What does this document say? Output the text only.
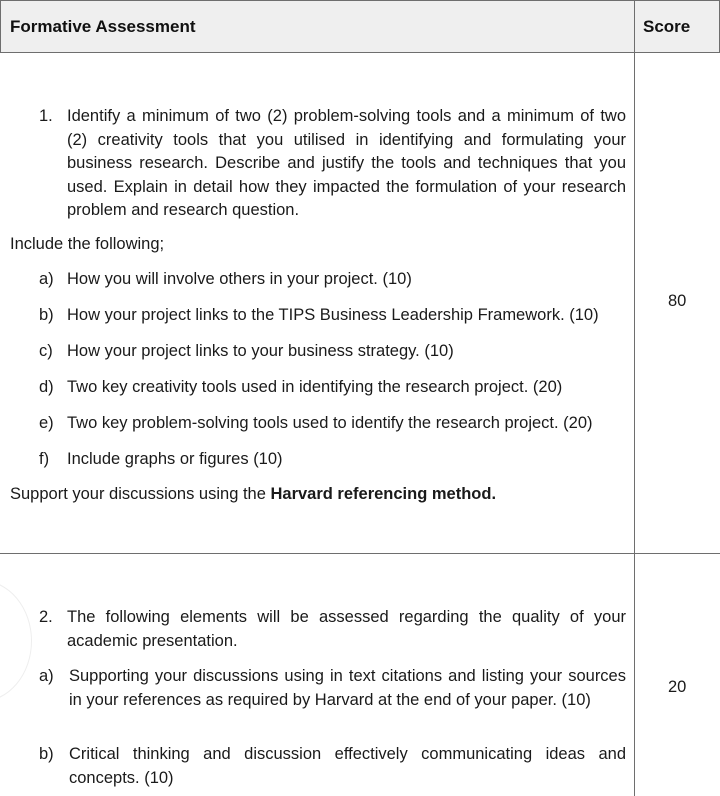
Formative Assessment	Score
1. Identify a minimum of two (2) problem-solving tools and a minimum of two (2) creativity tools that you utilised in identifying and formulating your business research. Describe and justify the tools and techniques that you used. Explain in detail how they impacted the formulation of your research problem and research question.
Include the following;
a) How you will involve others in your project. (10)
b) How your project links to the TIPS Business Leadership Framework. (10)
c) How your project links to your business strategy. (10)
d) Two key creativity tools used in identifying the research project. (20)
e) Two key problem-solving tools used to identify the research project. (20)
f) Include graphs or figures (10)
Support your discussions using the Harvard referencing method.
80
2. The following elements will be assessed regarding the quality of your academic presentation.
a) Supporting your discussions using in text citations and listing your sources in your references as required by Harvard at the end of your paper. (10)
b) Critical thinking and discussion effectively communicating ideas and concepts. (10)
20
